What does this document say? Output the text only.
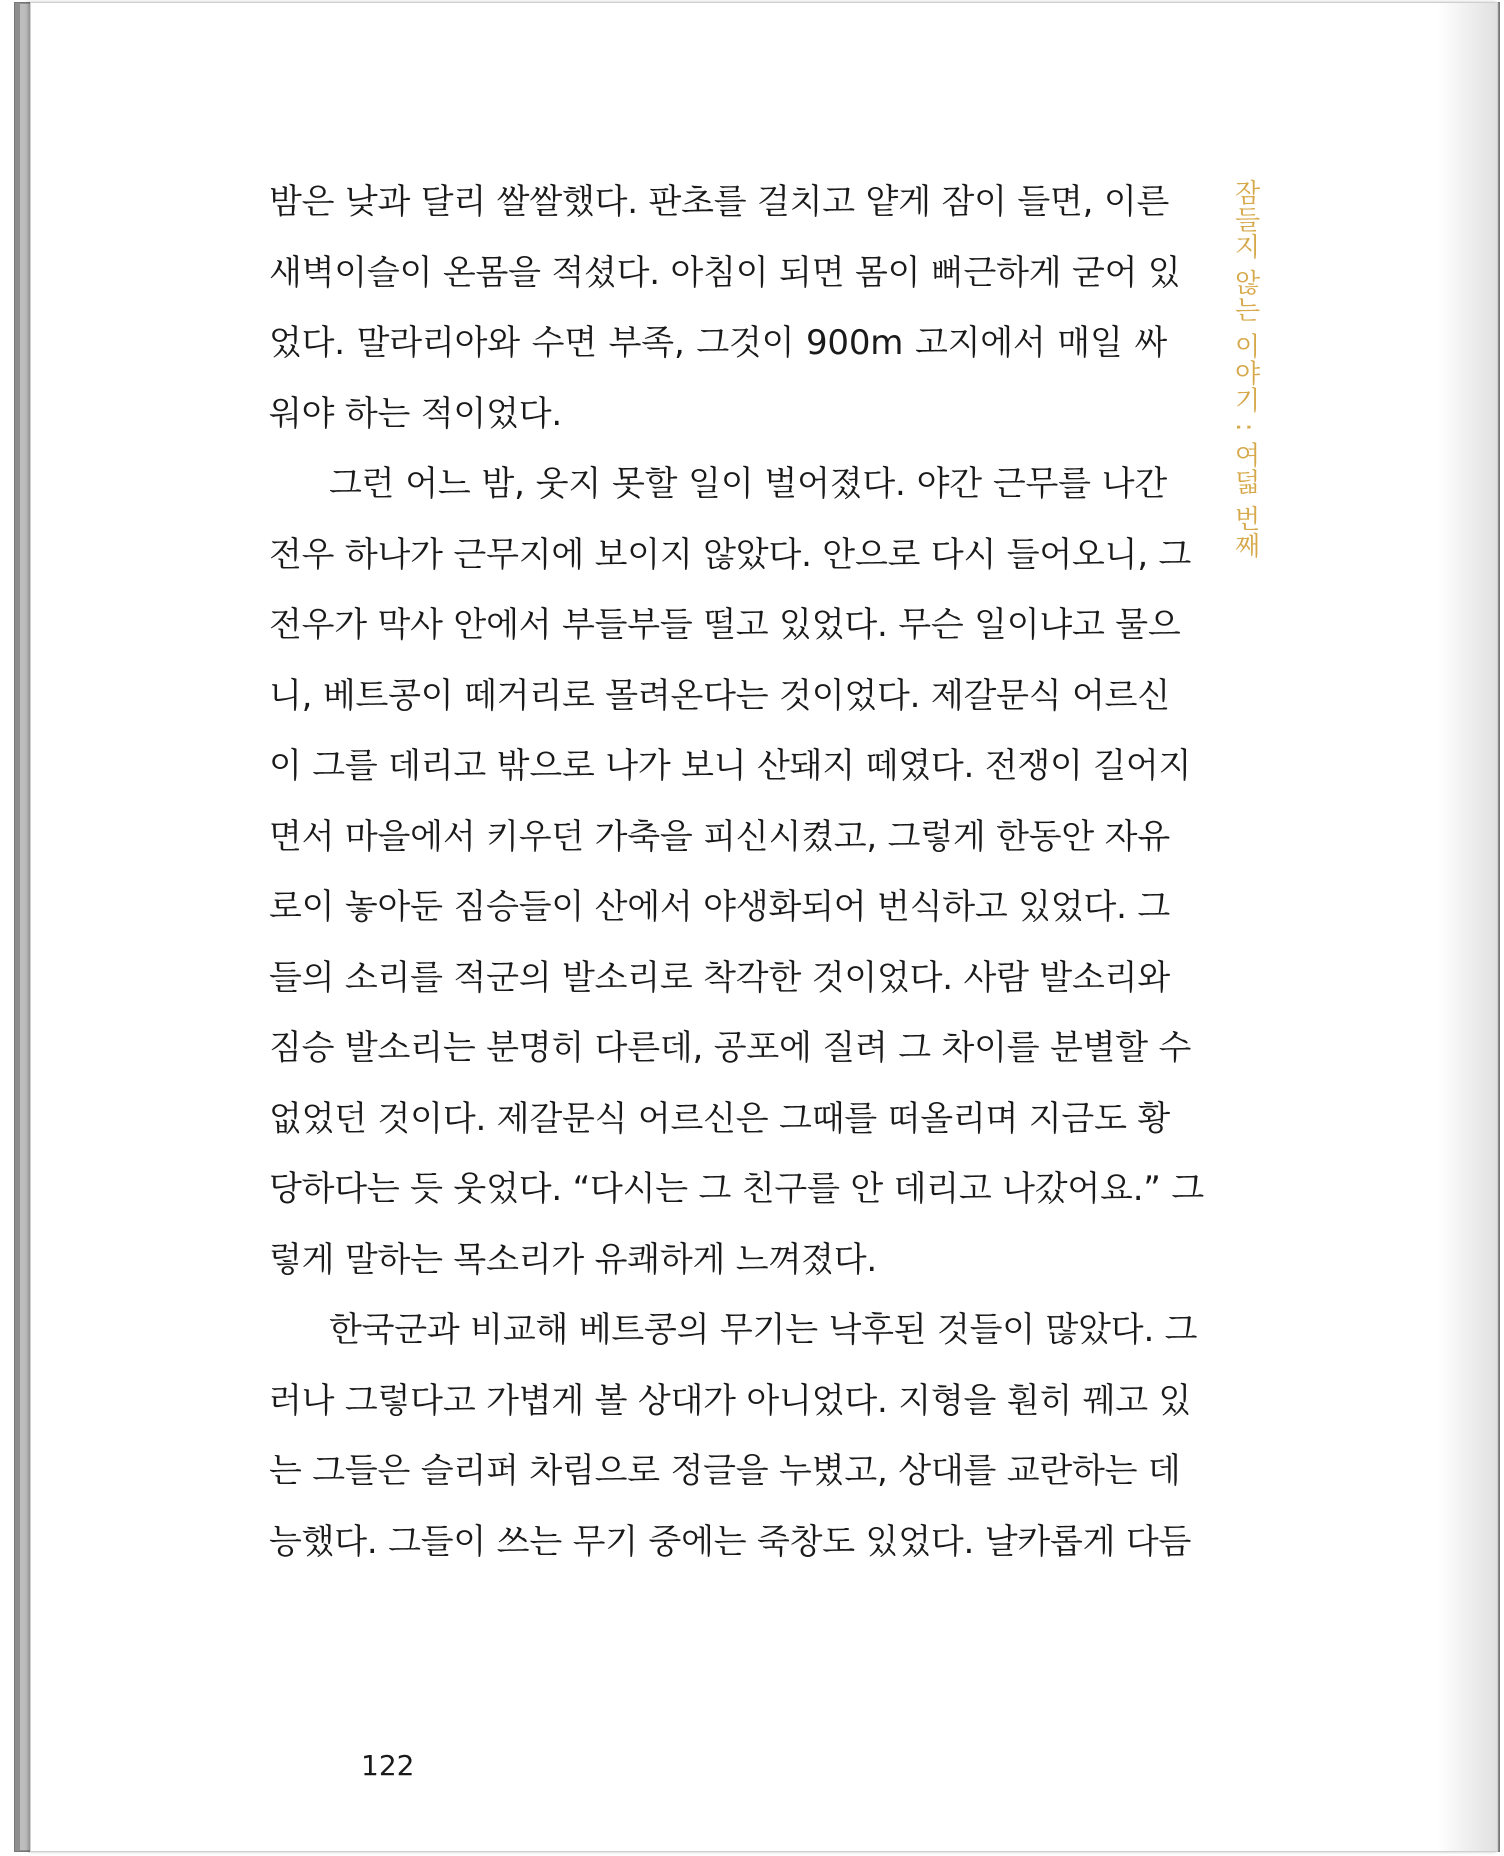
밤은 낮과 달리 쌀쌀했다. 판초를 걸치고 얕게 잠이 들면, 이른
새벽이슬이 온몸을 적셨다. 아침이 되면 몸이 뻐근하게 굳어 있
었다. 말라리아와 수면 부족, 그것이 900m 고지에서 매일 싸
워야 하는 적이었다.
그런 어느 밤, 웃지 못할 일이 벌어졌다. 야간 근무를 나간
전우 하나가 근무지에 보이지 않았다. 안으로 다시 들어오니, 그
전우가 막사 안에서 부들부들 떨고 있었다. 무슨 일이냐고 물으
니, 베트콩이 떼거리로 몰려온다는 것이었다. 제갈문식 어르신
이 그를 데리고 밖으로 나가 보니 산돼지 떼였다. 전쟁이 길어지
면서 마을에서 키우던 가축을 피신시켰고, 그렇게 한동안 자유
로이 놓아둔 짐승들이 산에서 야생화되어 번식하고 있었다. 그
들의 소리를 적군의 발소리로 착각한 것이었다. 사람 발소리와
짐승 발소리는 분명히 다른데, 공포에 질려 그 차이를 분별할 수
없었던 것이다. 제갈문식 어르신은 그때를 떠올리며 지금도 황
당하다는 듯 웃었다. “다시는 그 친구를 안 데리고 나갔어요.” 그
렇게 말하는 목소리가 유쾌하게 느껴졌다.
한국군과 비교해 베트콩의 무기는 낙후된 것들이 많았다. 그
러나 그렇다고 가볍게 볼 상대가 아니었다. 지형을 훤히 꿰고 있
는 그들은 슬리퍼 차림으로 정글을 누볐고, 상대를 교란하는 데
능했다. 그들이 쓰는 무기 중에는 죽창도 있었다. 날카롭게 다듬
잠들지 않는 이야기 : 여덟 번째
122
